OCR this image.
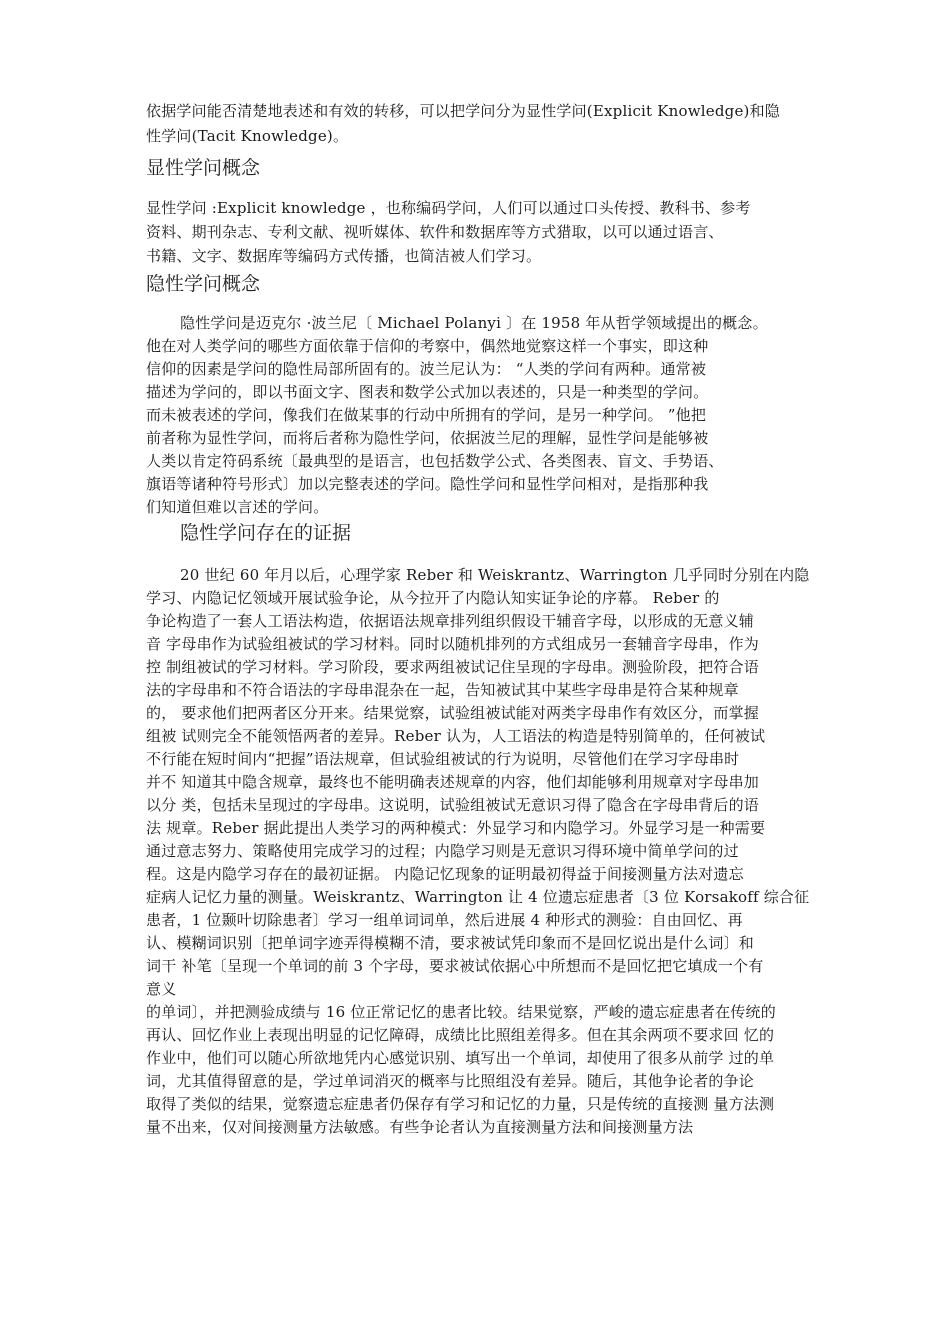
依据学问能否清楚地表述和有效的转移，可以把学问分为显性学问(Explicit Knowledge)和隐
性学问(Tacit Knowledge)。
显性学问概念
显性学问 :Explicit knowledge ，也称编码学问，人们可以通过口头传授、教科书、参考
资料、期刊杂志、专利文献、视听媒体、软件和数据库等方式猎取，以可以通过语言、
书籍、文字、数据库等编码方式传播，也简洁被人们学习。
隐性学问概念
隐性学问是迈克尔 ·波兰尼〔 Michael Polanyi 〕在 1958 年从哲学领域提出的概念。
他在对人类学问的哪些方面依靠于信仰的考察中，偶然地觉察这样一个事实，即这种
信仰的因素是学问的隐性局部所固有的。波兰尼认为： “人类的学问有两种。通常被
描述为学问的，即以书面文字、图表和数学公式加以表述的，只是一种类型的学问。
而未被表述的学问，像我们在做某事的行动中所拥有的学问，是另一种学问。 ”他把
前者称为显性学问，而将后者称为隐性学问，依据波兰尼的理解，显性学问是能够被
人类以肯定符码系统〔最典型的是语言，也包括数学公式、各类图表、盲文、手势语、
旗语等诸种符号形式〕加以完整表述的学问。隐性学问和显性学问相对，是指那种我
们知道但难以言述的学问。
隐性学问存在的证据
20 世纪 60 年月以后，心理学家 Reber 和 Weiskrantz、Warrington 几乎同时分别在内隐
学习、内隐记忆领域开展试验争论，从今拉开了内隐认知实证争论的序幕。 Reber 的
争论构造了一套人工语法构造，依据语法规章排列组织假设干辅音字母，以形成的无意义辅
音 字母串作为试验组被试的学习材料。同时以随机排列的方式组成另一套辅音字母串，作为
控 制组被试的学习材料。学习阶段，要求两组被试记住呈现的字母串。测验阶段，把符合语
法的字母串和不符合语法的字母串混杂在一起，告知被试其中某些字母串是符合某种规章
的， 要求他们把两者区分开来。结果觉察，试验组被试能对两类字母串作有效区分，而掌握
组被 试则完全不能领悟两者的差异。Reber 认为，人工语法的构造是特别简单的，任何被试
不行能在短时间内“把握”语法规章，但试验组被试的行为说明，尽管他们在学习字母串时
并不 知道其中隐含规章，最终也不能明确表述规章的内容，他们却能够利用规章对字母串加
以分 类，包括未呈现过的字母串。这说明，试验组被试无意识习得了隐含在字母串背后的语
法 规章。Reber 据此提出人类学习的两种模式：外显学习和内隐学习。外显学习是一种需要
通过意志努力、策略使用完成学习的过程；内隐学习则是无意识习得环境中简单学问的过
程。这是内隐学习存在的最初证据。 内隐记忆现象的证明最初得益于间接测量方法对遗忘
症病人记忆力量的测量。Weiskrantz、Warrington 让 4 位遗忘症患者〔3 位 Korsakoff 综合征
患者，1 位颞叶切除患者〕学习一组单词词单，然后进展 4 种形式的测验：自由回忆、再
认、模糊词识别〔把单词字迹弄得模糊不清，要求被试凭印象而不是回忆说出是什么词〕和
词干 补笔〔呈现一个单词的前 3 个字母，要求被试依据心中所想而不是回忆把它填成一个有
意义
的单词〕，并把测验成绩与 16 位正常记忆的患者比较。结果觉察，严峻的遗忘症患者在传统的
再认、回忆作业上表现出明显的记忆障碍，成绩比比照组差得多。但在其余两项不要求回 忆的
作业中，他们可以随心所欲地凭内心感觉识别、填写出一个单词，却使用了很多从前学 过的单
词，尤其值得留意的是，学过单词消灭的概率与比照组没有差异。随后，其他争论者的争论
取得了类似的结果，觉察遗忘症患者仍保存有学习和记忆的力量，只是传统的直接测 量方法测
量不出来，仅对间接测量方法敏感。有些争论者认为直接测量方法和间接测量方法
